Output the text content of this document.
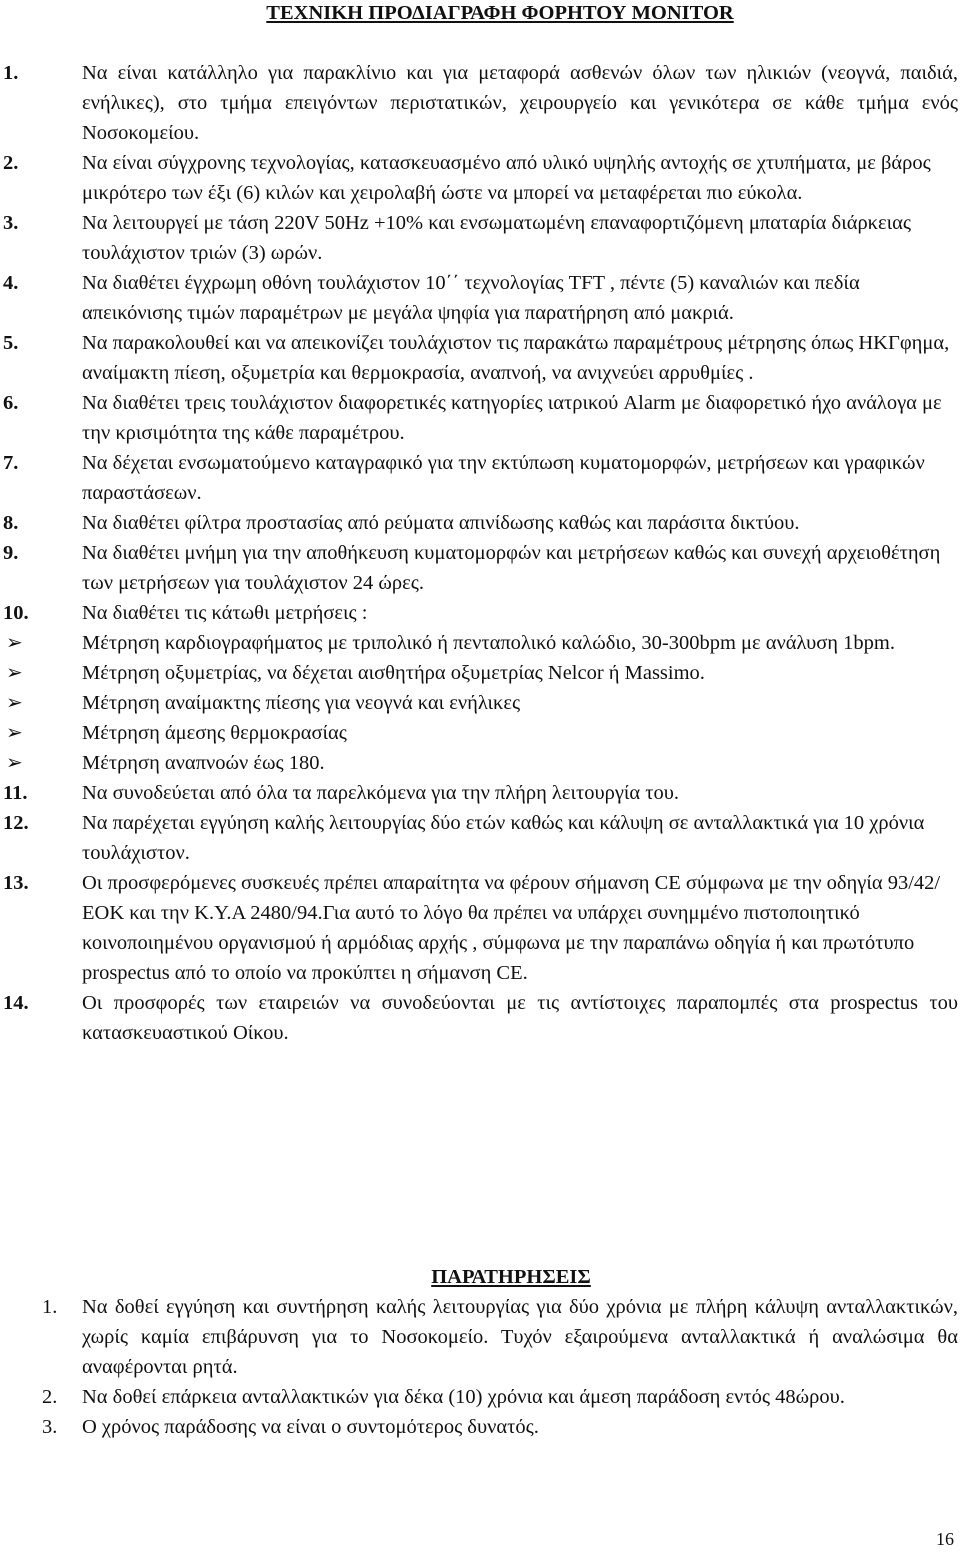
ΤΕΧΝΙΚΗ ΠΡΟΔΙΑΓΡΑΦΗ ΦΟΡΗΤΟΥ MONITOR
1.	Να είναι κατάλληλο για παρακλίνιο και για μεταφορά ασθενών όλων των ηλικιών (νεογνά, παιδιά, ενήλικες), στο τμήμα επειγόντων περιστατικών, χειρουργείο και γενικότερα σε κάθε τμήμα ενός Νοσοκομείου.
2.	Να είναι σύγχρονης τεχνολογίας, κατασκευασμένο από υλικό υψηλής αντοχής σε χτυπήματα, με βάρος μικρότερο των έξι (6) κιλών και χειρολαβή ώστε να μπορεί να μεταφέρεται πιο εύκολα.
3.	Να λειτουργεί με τάση 220V 50Hz +10% και ενσωματωμένη επαναφορτιζόμενη μπαταρία διάρκειας τουλάχιστον τριών (3) ωρών.
4.	Να διαθέτει έγχρωμη οθόνη τουλάχιστον 10΄΄ τεχνολογίας TFT , πέντε (5) καναλιών και πεδία απεικόνισης τιμών παραμέτρων με μεγάλα ψηφία για παρατήρηση από μακριά.
5.	Να παρακολουθεί και να απεικονίζει τουλάχιστον τις παρακάτω παραμέτρους μέτρησης όπως ΗΚΓφημα, αναίμακτη πίεση, οξυμετρία και θερμοκρασία, αναπνοή, να ανιχνεύει αρρυθμίες .
6.	Να διαθέτει τρεις τουλάχιστον διαφορετικές κατηγορίες ιατρικού Alarm με διαφορετικό ήχο ανάλογα με την κρισιμότητα της κάθε παραμέτρου.
7.	Να δέχεται ενσωματούμενο καταγραφικό για την εκτύπωση κυματομορφών, μετρήσεων και γραφικών παραστάσεων.
8.	Να διαθέτει φίλτρα προστασίας από ρεύματα απινίδωσης καθώς και παράσιτα δικτύου.
9.	Να διαθέτει μνήμη για την αποθήκευση κυματομορφών και μετρήσεων καθώς και συνεχή αρχειοθέτηση των μετρήσεων για τουλάχιστον 24 ώρες.
10.	Να διαθέτει τις κάτωθι μετρήσεις :
➢	Μέτρηση καρδιογραφήματος με τριπολικό ή πενταπολικό καλώδιο, 30-300bpm με ανάλυση 1bpm.
➢	Μέτρηση οξυμετρίας, να δέχεται αισθητήρα οξυμετρίας Nelcor ή Massimo.
➢	Μέτρηση αναίμακτης πίεσης για νεογνά και ενήλικες
➢	Μέτρηση άμεσης θερμοκρασίας
➢	Μέτρηση αναπνοών έως 180.
11.	Να συνοδεύεται από όλα τα παρελκόμενα για την πλήρη λειτουργία του.
12.	Να παρέχεται εγγύηση καλής λειτουργίας δύο ετών καθώς και κάλυψη σε ανταλλακτικά για 10 χρόνια τουλάχιστον.
13.	Οι προσφερόμενες συσκευές πρέπει απαραίτητα να φέρουν σήμανση CE σύμφωνα με την οδηγία 93/42/ΕΟΚ και την Κ.Υ.Α 2480/94.Για αυτό το λόγο θα πρέπει να υπάρχει συνημμένο πιστοποιητικό κοινοποιημένου οργανισμού ή αρμόδιας αρχής , σύμφωνα με την παραπάνω οδηγία ή και πρωτότυπο prospectus από το οποίο να προκύπτει η σήμανση CE.
14.	Οι προσφορές των εταιρειών να συνοδεύονται με τις αντίστοιχες παραπομπές στα prospectus του κατασκευαστικού Οίκου.
ΠΑΡΑΤΗΡΗΣΕΙΣ
1. Να δοθεί εγγύηση και συντήρηση καλής λειτουργίας για δύο χρόνια με πλήρη κάλυψη ανταλλακτικών, χωρίς καμία επιβάρυνση για το Νοσοκομείο. Τυχόν εξαιρούμενα ανταλλακτικά ή αναλώσιμα θα αναφέρονται ρητά.
2. Να δοθεί επάρκεια ανταλλακτικών για δέκα (10) χρόνια και άμεση παράδοση εντός 48ώρου.
3. Ο χρόνος παράδοσης να είναι ο συντομότερος δυνατός.
16
